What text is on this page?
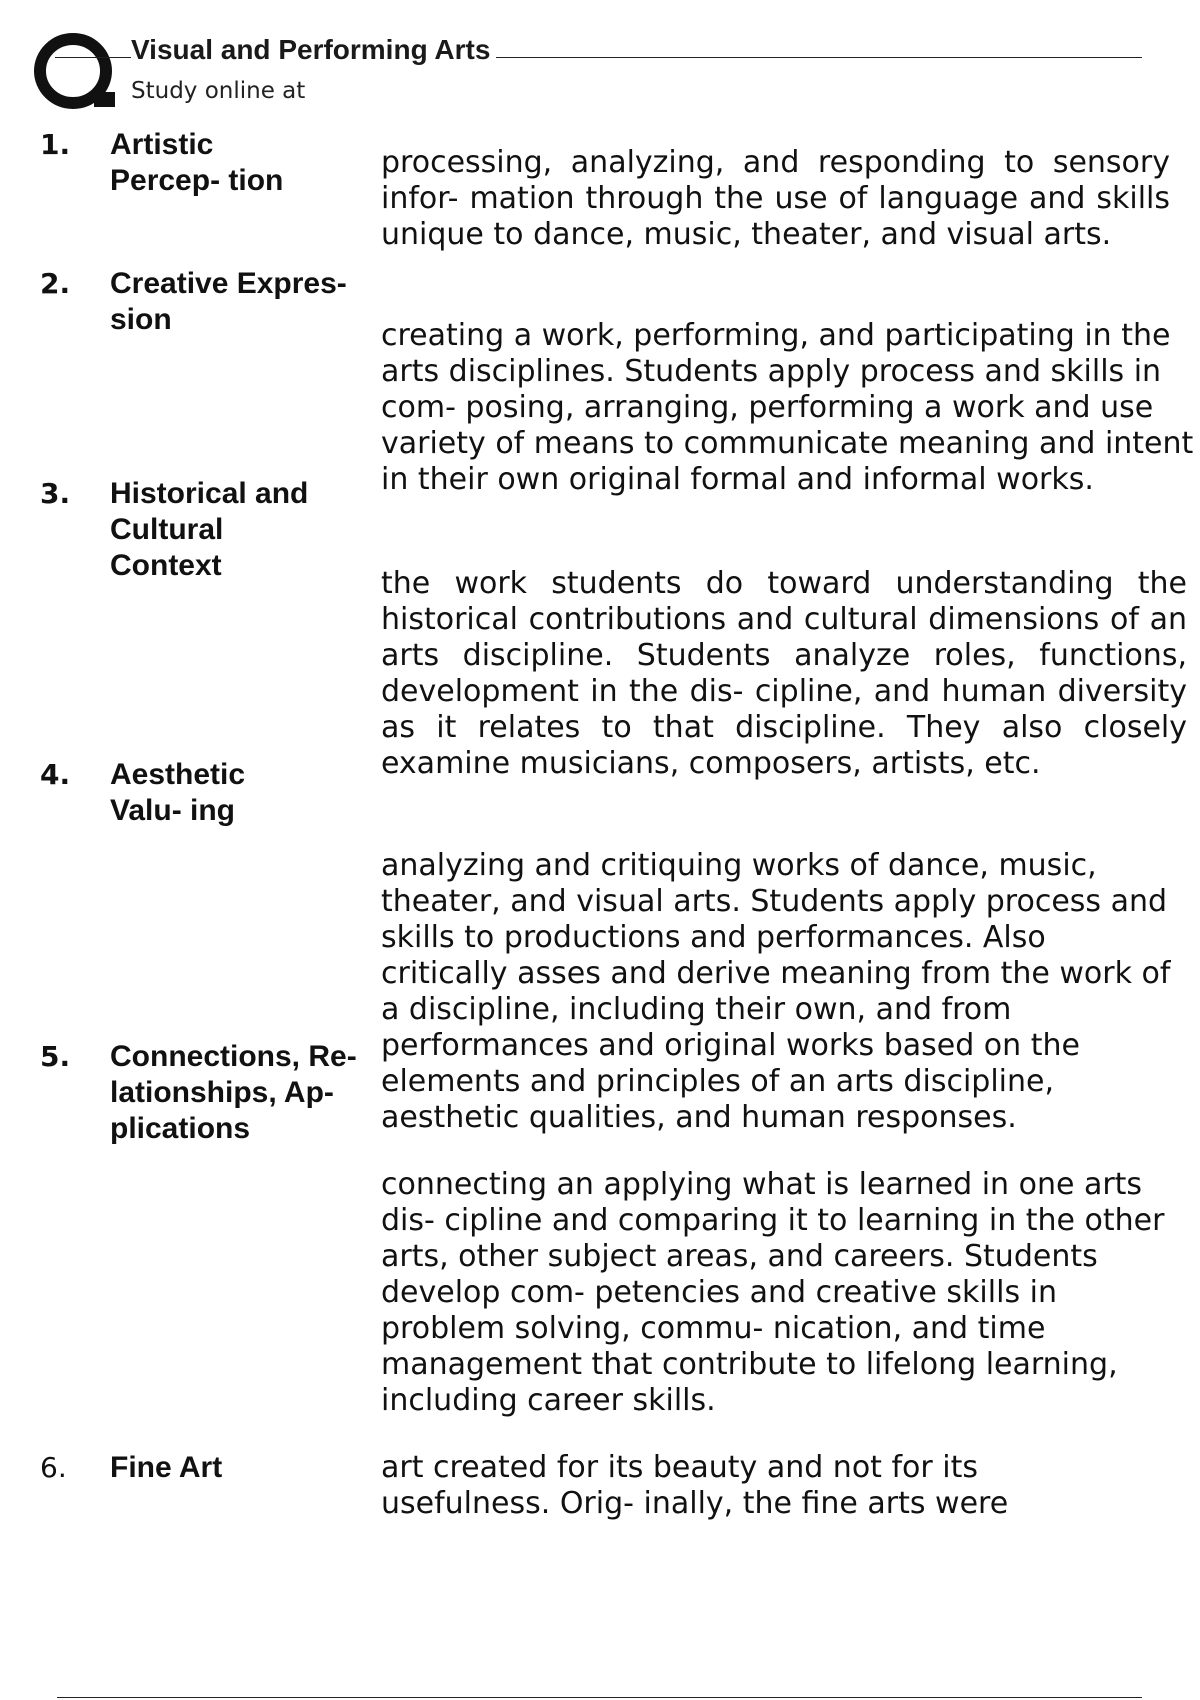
Visual and Performing Arts
Study online at
1. Artistic Percep- tion

processing, analyzing, and responding to sensory infor- mation through the use of language and skills unique to dance, music, theater, and visual arts.

2. Creative Expres- sion	creating a work, performing, and participating in the arts disciplines. Students apply process and skills in com- posing, arranging, performing a work and use variety of means to communicate meaning and intent in their own original formal and informal works.

3. Historical and Cultural Context

the work students do toward understanding the historical contributions and cultural dimensions of an arts discipline. Students analyze roles, functions, development in the dis- cipline, and human diversity as it relates to that discipline. They also closely examine musicians, composers, artists, etc.

4. Aesthetic Valu- ing

analyzing and critiquing works of dance, music, theater, and visual arts. Students apply process and skills to productions and performances. Also critically asses and derive meaning from the work of a discipline, including their own, and from performances and original works based on the elements and principles of an arts discipline, aesthetic qualities, and human responses.

5. Connections, Re- lationships, Ap- plications

connecting an applying what is learned in one arts dis- cipline and comparing it to learning in the other arts, other subject areas, and careers. Students develop com- petencies and creative skills in problem solving, commu- nication, and time management that contribute to lifelong learning, including career skills.

6. Fine Art	art created for its beauty and not for its usefulness. Orig- inally, the fine arts were
